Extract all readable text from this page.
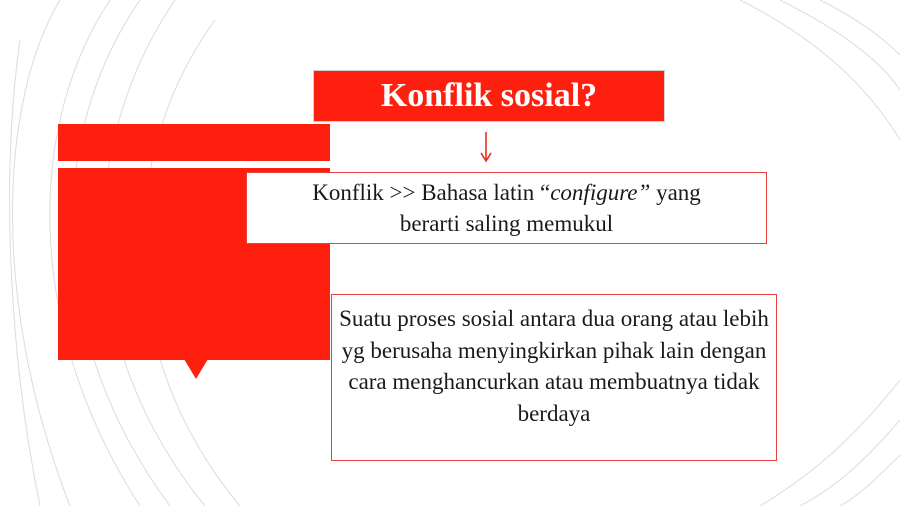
Konflik sosial?
Konflik >> Bahasa latin “configure” yang
berarti saling memukul
Suatu proses sosial antara dua orang atau lebih yg berusaha menyingkirkan pihak lain dengan cara menghancurkan atau membuatnya tidak berdaya
